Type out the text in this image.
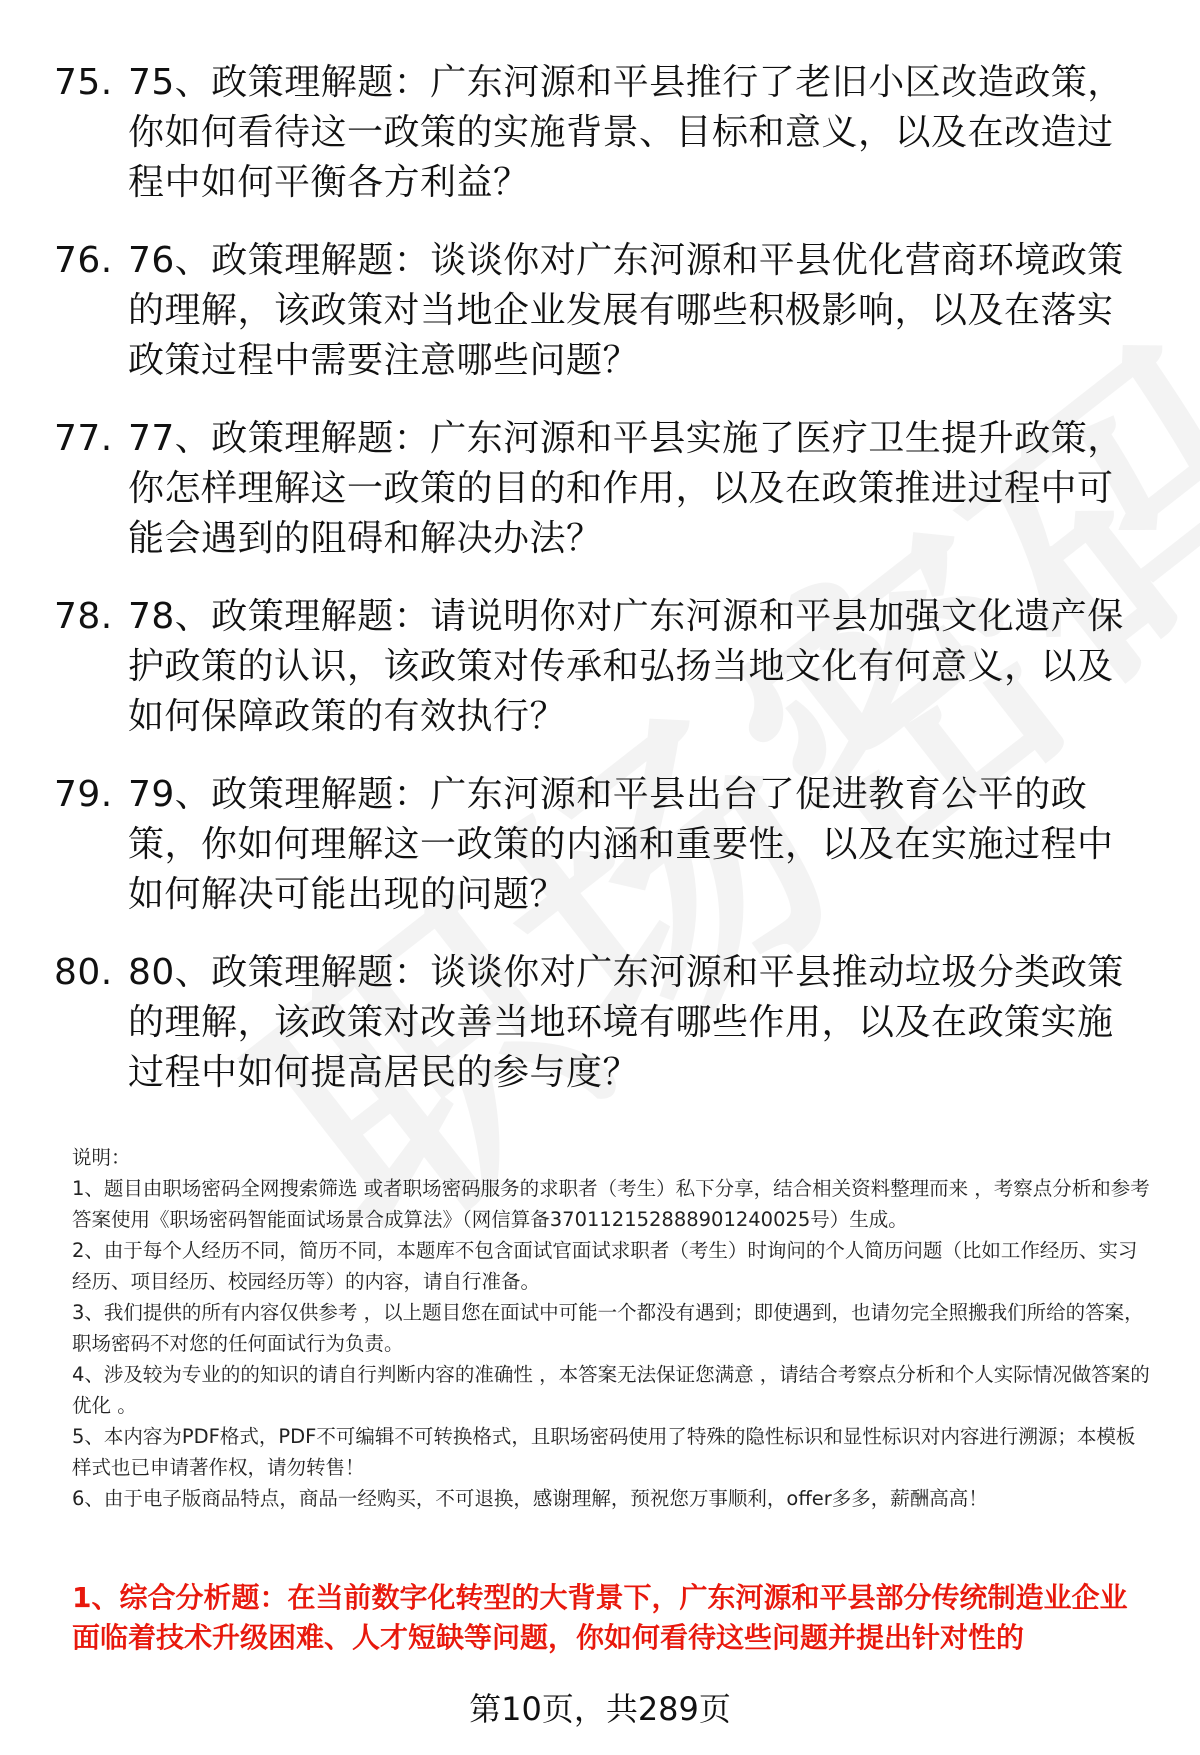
75. 75、政策理解题：广东河源和平县推行了老旧小区改造政策，你如何看待这一政策的实施背景、目标和意义，以及在改造过程中如何平衡各方利益？
76. 76、政策理解题：谈谈你对广东河源和平县优化营商环境政策的理解，该政策对当地企业发展有哪些积极影响，以及在落实政策过程中需要注意哪些问题？
77. 77、政策理解题：广东河源和平县实施了医疗卫生提升政策，你怎样理解这一政策的目的和作用，以及在政策推进过程中可能会遇到的阻碍和解决办法？
78. 78、政策理解题：请说明你对广东河源和平县加强文化遗产保护政策的认识，该政策对传承和弘扬当地文化有何意义，以及如何保障政策的有效执行？
79. 79、政策理解题：广东河源和平县出台了促进教育公平的政策，你如何理解这一政策的内涵和重要性，以及在实施过程中如何解决可能出现的问题？
80. 80、政策理解题：谈谈你对广东河源和平县推动垃圾分类政策的理解，该政策对改善当地环境有哪些作用，以及在政策实施过程中如何提高居民的参与度？

说明：

1、题目由职场密码全网搜索筛选 或者职场密码服务的求职者（考生）私下分享，结合相关资料整理而来 ，考察点分析和参考答案使用《职场密码智能面试场景合成算法》（网信算备370112152888901240025号）生成。

2、由于每个人经历不同，简历不同，本题库不包含面试官面试求职者（考生）时询问的个人简历问题（比如工作经历、实习经历、项目经历、校园经历等）的内容，请自行准备。

3、我们提供的所有内容仅供参考 ，以上题目您在面试中可能一个都没有遇到；即使遇到，也请勿完全照搬我们所给的答案，职场密码不对您的任何面试行为负责。

4、涉及较为专业的的知识的请自行判断内容的准确性 ，本答案无法保证您满意 ，请结合考察点分析和个人实际情况做答案的优化 。

5、本内容为PDF格式，PDF不可编辑不可转换格式，且职场密码使用了特殊的隐性标识和显性标识对内容进行溯源；本模板样式也已申请著作权，请勿转售！

6、由于电子版商品特点，商品一经购买，不可退换，感谢理解，预祝您万事顺利，offer多多，薪酬高高！

1、综合分析题：在当前数字化转型的大背景下，广东河源和平县部分传统制造业企业面临着技术升级困难、人才短缺等问题，你如何看待这些问题并提出针对性的
第10页，共289页
